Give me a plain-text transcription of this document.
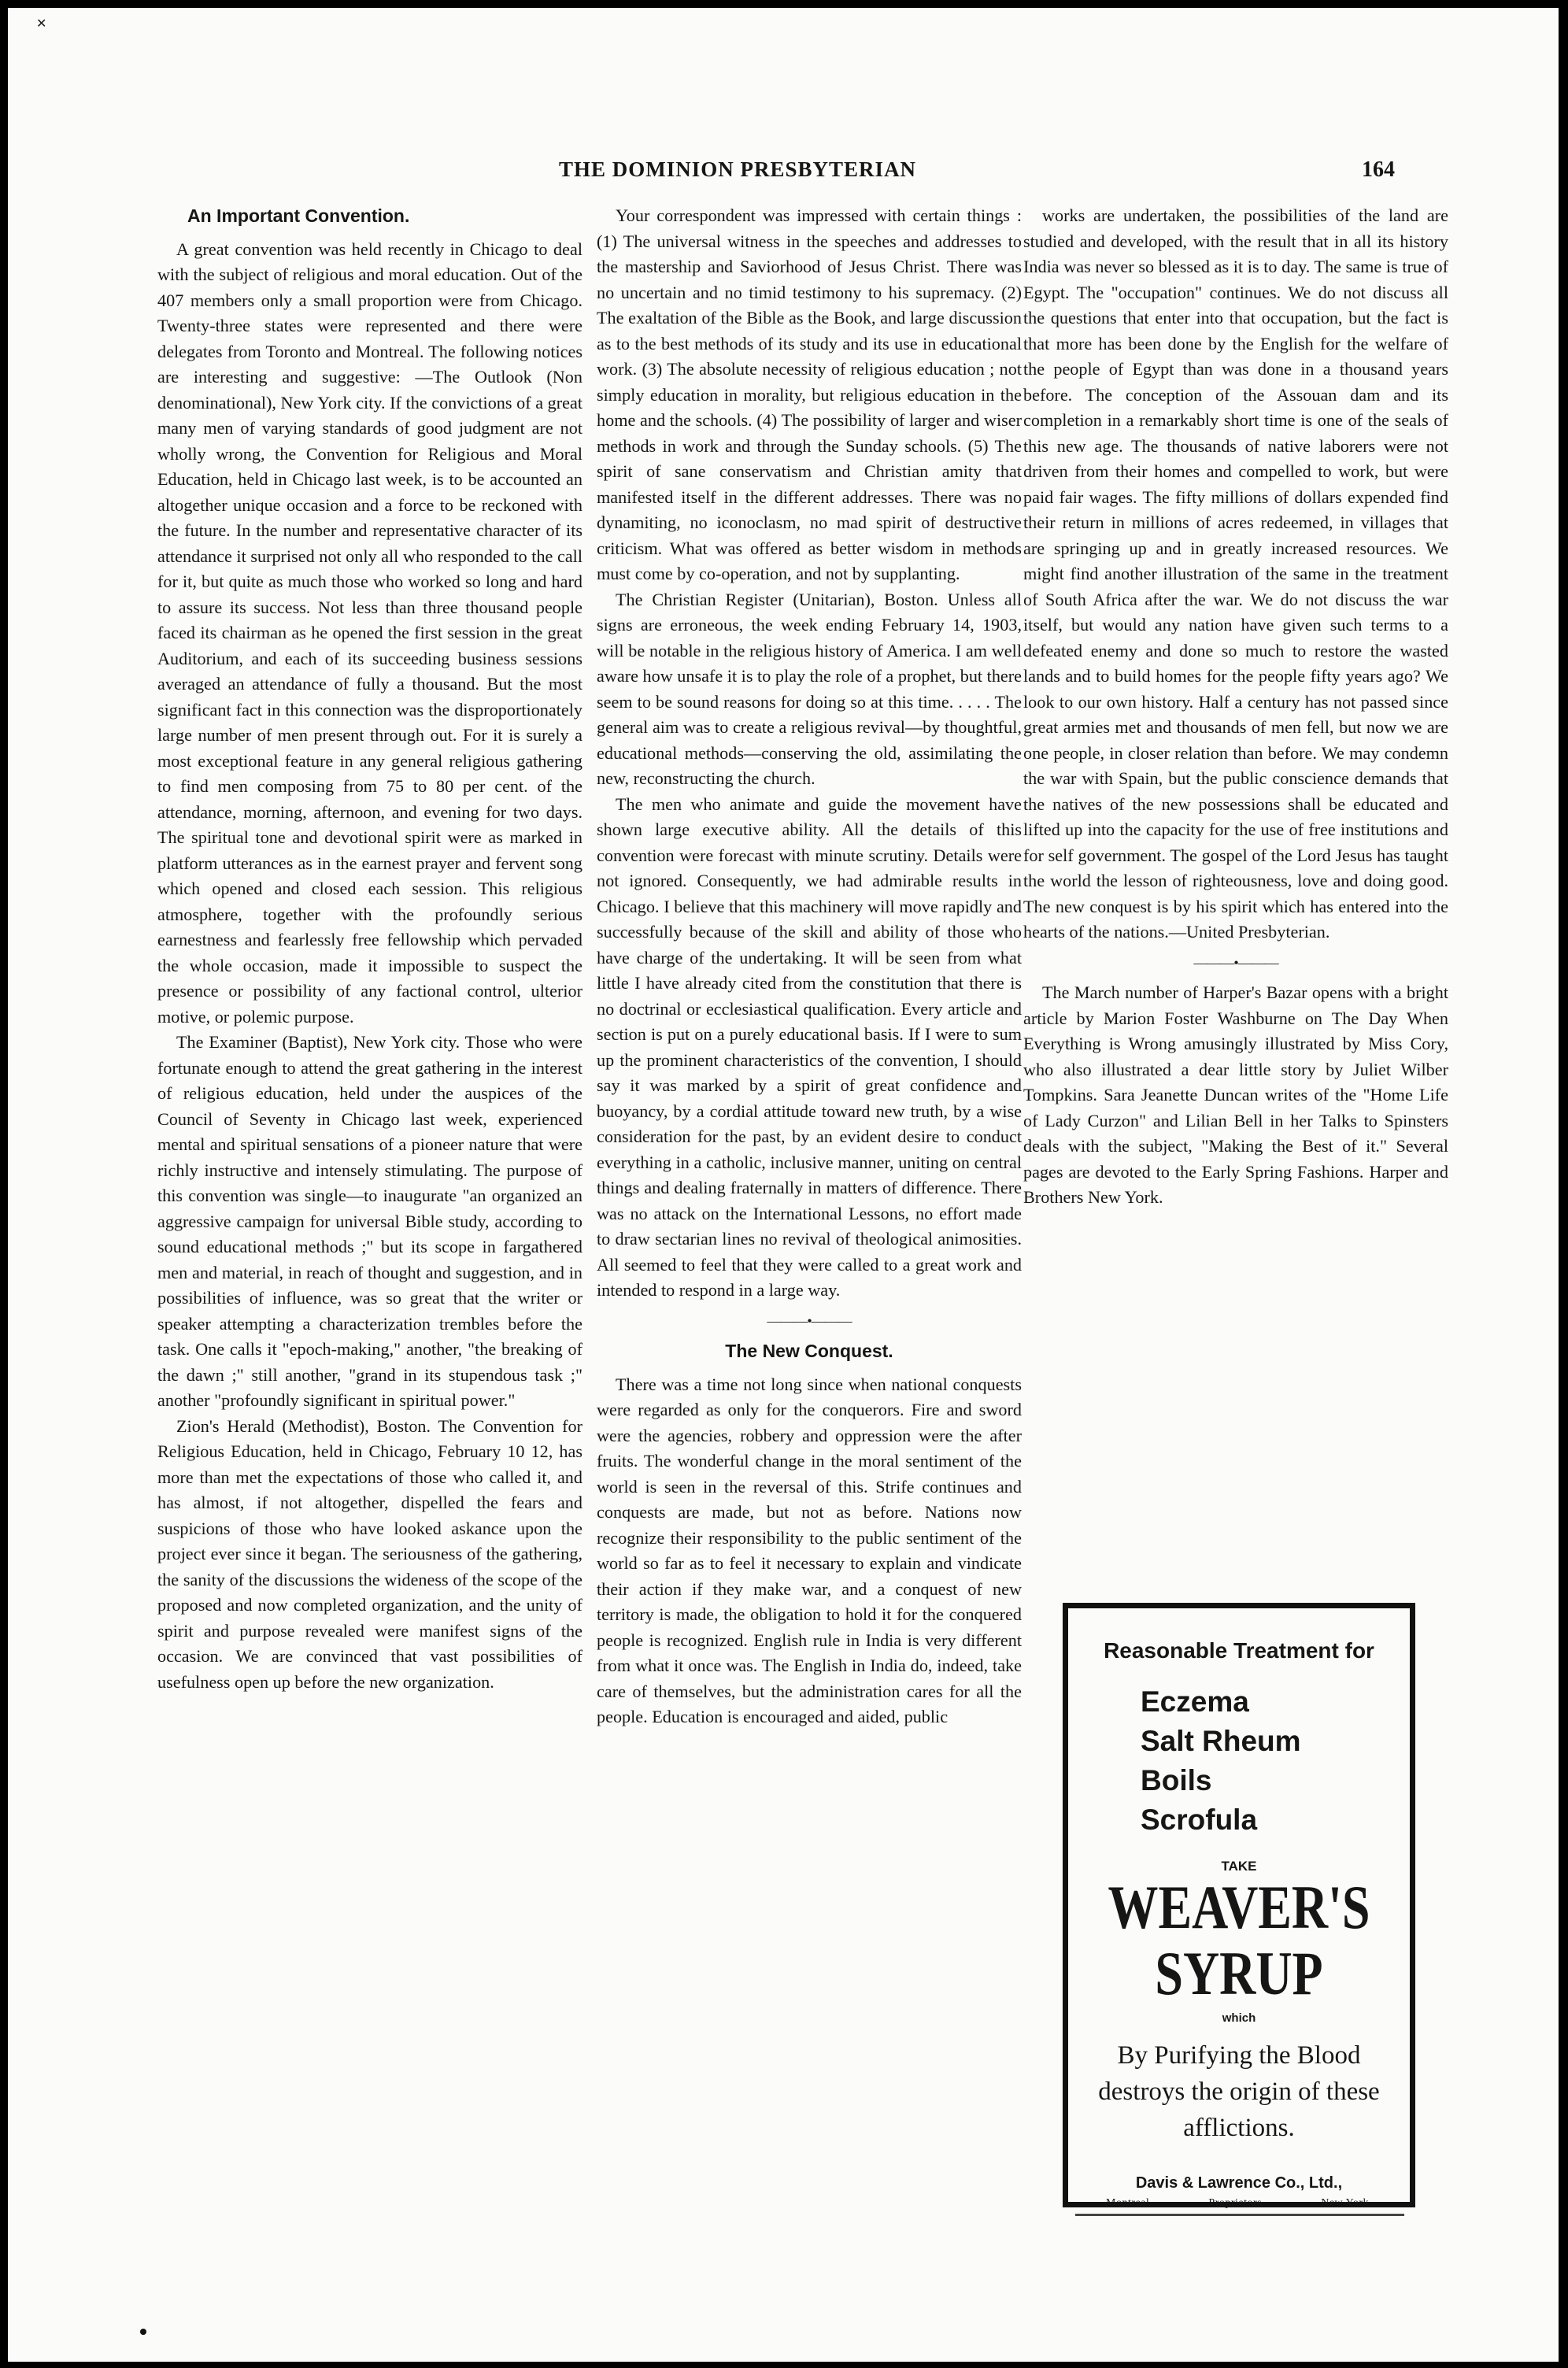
✕
THE DOMINION PRESBYTERIAN	164
An Important Convention.

A great convention was held recently in Chicago to deal with the subject of religious and moral education. Out of the 407 members only a small proportion were from Chicago. Twenty-three states were represented and there were delegates from Toronto and Montreal. The following notices are interesting and suggestive: —The Outlook (Non denominational), New York city. If the convictions of a great many men of varying standards of good judgment are not wholly wrong, the Convention for Religious and Moral Education, held in Chicago last week, is to be accounted an altogether unique occasion and a force to be reckoned with the future. In the number and representative character of its attendance it surprised not only all who responded to the call for it, but quite as much those who worked so long and hard to assure its success. Not less than three thousand people faced its chairman as he opened the first session in the great Auditorium, and each of its succeeding business sessions averaged an attendance of fully a thousand. But the most significant fact in this connection was the disproportionately large number of men present through out. For it is surely a most exceptional feature in any general religious gathering to find men composing from 75 to 80 per cent. of the attendance, morning, afternoon, and evening for two days. The spiritual tone and devotional spirit were as marked in platform utterances as in the earnest prayer and fervent song which opened and closed each session. This religious atmosphere, together with the profoundly serious earnestness and fearlessly free fellowship which pervaded the whole occasion, made it impossible to suspect the presence or possibility of any factional control, ulterior motive, or polemic purpose.

The Examiner (Baptist), New York city. Those who were fortunate enough to attend the great gathering in the interest of religious education, held under the auspices of the Council of Seventy in Chicago last week, experienced mental and spiritual sensations of a pioneer nature that were richly instructive and intensely stimulating. The purpose of this convention was single—to inaugurate "an organized an aggressive campaign for universal Bible study, according to sound educational methods ;" but its scope in fargathered men and material, in reach of thought and suggestion, and in possibilities of influence, was so great that the writer or speaker attempting a characterization trembles before the task. One calls it "epoch-making," another, "the breaking of the dawn ;" still another, "grand in its stupendous task ;" another "profoundly significant in spiritual power."

Zion's Herald (Methodist), Boston. The Convention for Religious Education, held in Chicago, February 10 12, has more than met the expectations of those who called it, and has almost, if not altogether, dispelled the fears and suspicions of those who have looked askance upon the project ever since it began. The seriousness of the gathering, the sanity of the discussions the wideness of the scope of the proposed and now completed organization, and the unity of spirit and purpose revealed were manifest signs of the occasion. We are convinced that vast possibilities of usefulness open up before the new organization.

Your correspondent was impressed with certain things : (1) The universal witness in the speeches and addresses to the mastership and Saviorhood of Jesus Christ. There was no uncertain and no timid testimony to his supremacy. (2) The exaltation of the Bible as the Book, and large discussion as to the best methods of its study and its use in educational work. (3) The absolute necessity of religious education ; not simply education in morality, but religious education in the home and the schools. (4) The possibility of larger and wiser methods in work and through the Sunday schools. (5) The spirit of sane conservatism and Christian amity that manifested itself in the different addresses. There was no dynamiting, no iconoclasm, no mad spirit of destructive criticism. What was offered as better wisdom in methods must come by co-operation, and not by supplanting.

The Christian Register (Unitarian), Boston. Unless all signs are erroneous, the week ending February 14, 1903, will be notable in the religious history of America. I am well aware how unsafe it is to play the role of a prophet, but there seem to be sound reasons for doing so at this time. . . . . The general aim was to create a religious revival—by thoughtful, educational methods—conserving the old, assimilating the new, reconstructing the church.

The men who animate and guide the movement have shown large executive ability. All the details of this convention were forecast with minute scrutiny. Details were not ignored. Consequently, we had admirable results in Chicago. I believe that this machinery will move rapidly and successfully because of the skill and ability of those who have charge of the undertaking. It will be seen from what little I have already cited from the constitution that there is no doctrinal or ecclesiastical qualification. Every article and section is put on a purely educational basis. If I were to sum up the prominent characteristics of the convention, I should say it was marked by a spirit of great confidence and buoyancy, by a cordial attitude toward new truth, by a wise consideration for the past, by an evident desire to conduct everything in a catholic, inclusive manner, uniting on central things and dealing fraternally in matters of difference. There was no attack on the International Lessons, no effort made to draw sectarian lines no revival of theological animosities. All seemed to feel that they were called to a great work and intended to respond in a large way.

———•———
The New Conquest.

There was a time not long since when national conquests were regarded as only for the conquerors. Fire and sword were the agencies, robbery and oppression were the after fruits. The wonderful change in the moral sentiment of the world is seen in the reversal of this. Strife continues and conquests are made, but not as before. Nations now recognize their responsibility to the public sentiment of the world so far as to feel it necessary to explain and vindicate their action if they make war, and a conquest of new territory is made, the obligation to hold it for the conquered people is recognized. English rule in India is very different from what it once was. The English in India do, indeed, take care of themselves, but the administration cares for all the people. Education is encouraged and aided, public

works are undertaken, the possibilities of the land are studied and developed, with the result that in all its history India was never so blessed as it is to day. The same is true of Egypt. The "occupation" continues. We do not discuss all the questions that enter into that occupation, but the fact is that more has been done by the English for the welfare of the people of Egypt than was done in a thousand years before. The conception of the Assouan dam and its completion in a remarkably short time is one of the seals of this new age. The thousands of native laborers were not driven from their homes and compelled to work, but were paid fair wages. The fifty millions of dollars expended find their return in millions of acres redeemed, in villages that are springing up and in greatly increased resources. We might find another illustration of the same in the treatment of South Africa after the war. We do not discuss the war itself, but would any nation have given such terms to a defeated enemy and done so much to restore the wasted lands and to build homes for the people fifty years ago? We look to our own history. Half a century has not passed since great armies met and thousands of men fell, but now we are one people, in closer relation than before. We may condemn the war with Spain, but the public conscience demands that the natives of the new possessions shall be educated and lifted up into the capacity for the use of free institutions and for self government. The gospel of the Lord Jesus has taught the world the lesson of righteousness, love and doing good. The new conquest is by his spirit which has entered into the hearts of the nations.—United Presbyterian.

———•———

The March number of Harper's Bazar opens with a bright article by Marion Foster Washburne on The Day When Everything is Wrong amusingly illustrated by Miss Cory, who also illustrated a dear little story by Juliet Wilber Tompkins. Sara Jeanette Duncan writes of the "Home Life of Lady Curzon" and Lilian Bell in her Talks to Spinsters deals with the subject, "Making the Best of it." Several pages are devoted to the Early Spring Fashions. Harper and Brothers New York.

Reasonable Treatment for
Eczema
Salt Rheum
Boils
Scrofula
TAKE
WEAVER'S
SYRUP
which
By Purifying the Blood destroys the origin of these afflictions.
Davis & Lawrence Co., Ltd.,
Montreal.	Proprietors,	New York.
